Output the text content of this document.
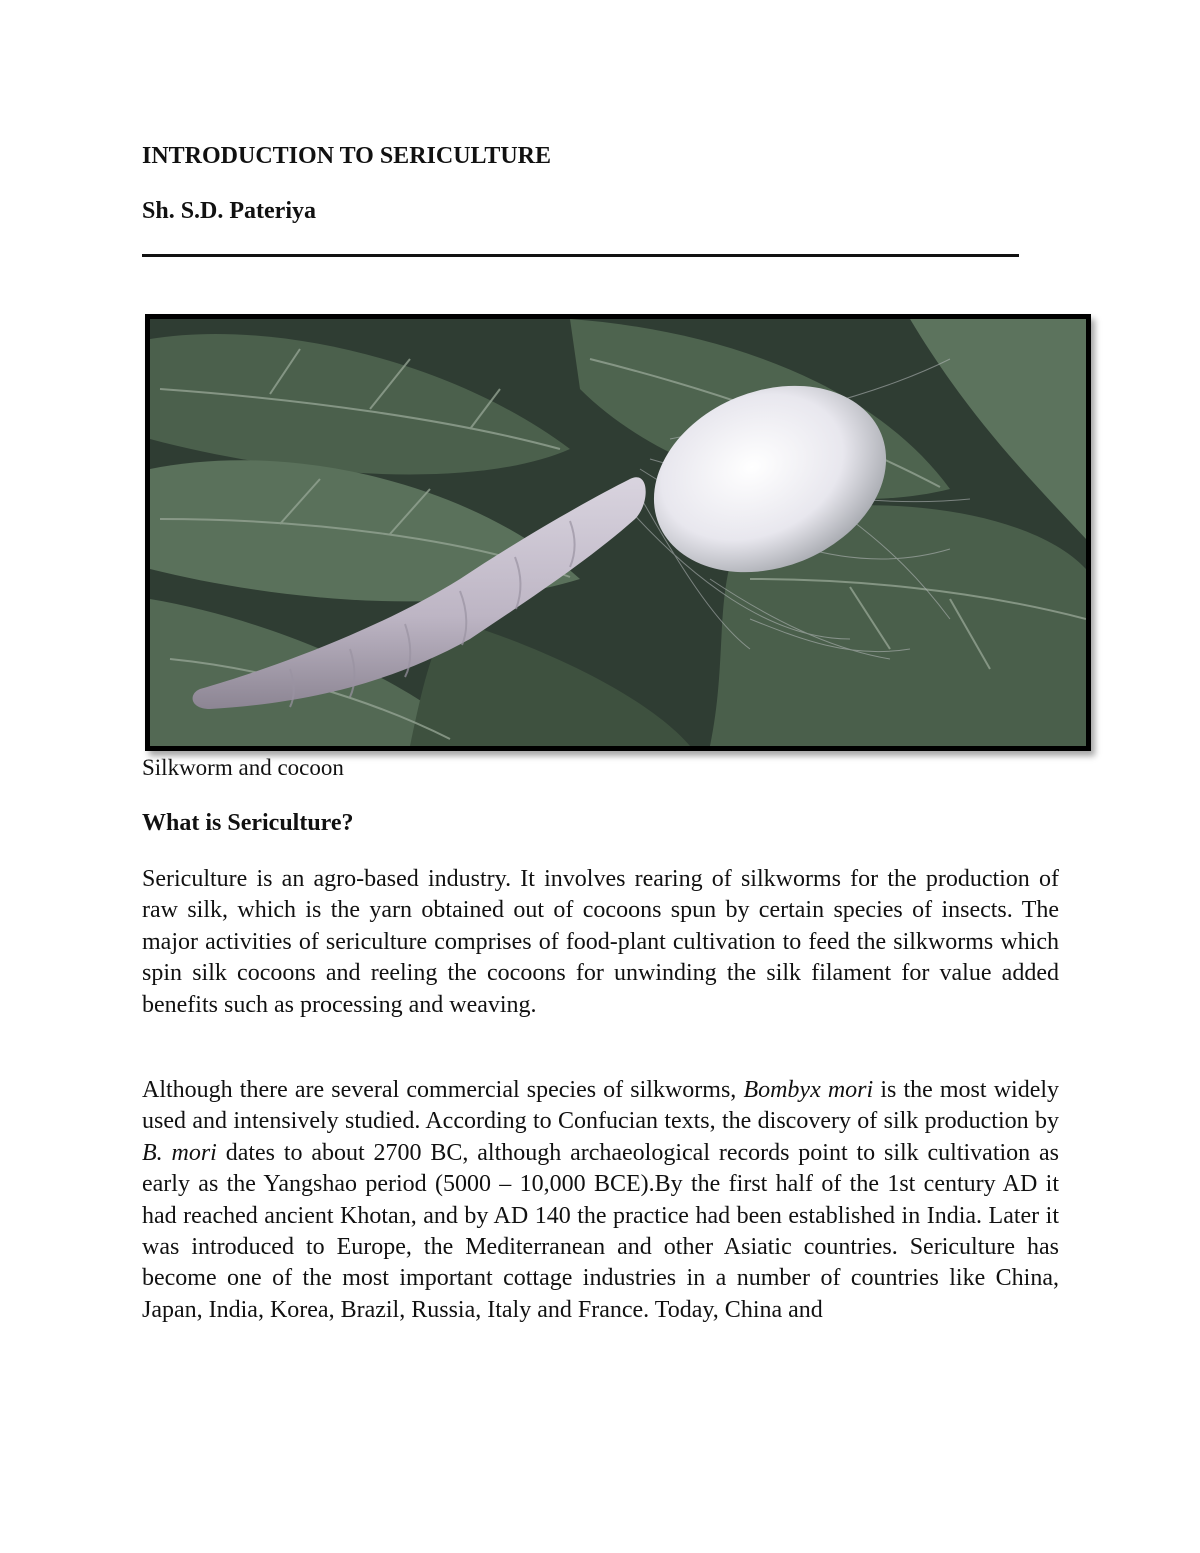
INTRODUCTION TO SERICULTURE
Sh. S.D. Pateriya
Silkworm and cocoon
What is Sericulture?

Sericulture is an agro-based industry. It involves rearing of silkworms for the production of raw silk, which is the yarn obtained out of cocoons spun by certain species of insects. The major activities of sericulture comprises of food-plant cultivation to feed the silkworms which spin silk cocoons and reeling the cocoons for unwinding the silk filament for value added benefits such as processing and weaving.

Although there are several commercial species of silkworms, Bombyx mori is the most widely used and intensively studied. According to Confucian texts, the discovery of silk production by B. mori dates to about 2700 BC, although archaeological records point to silk cultivation as early as the Yangshao period (5000 – 10,000 BCE).By the first half of the 1st century AD it had reached ancient Khotan, and by AD 140 the practice had been established in India. Later it was introduced to Europe, the Mediterranean and other Asiatic countries. Sericulture has become one of the most important cottage industries in a number of countries like China, Japan, India, Korea, Brazil, Russia, Italy and France. Today, China and
